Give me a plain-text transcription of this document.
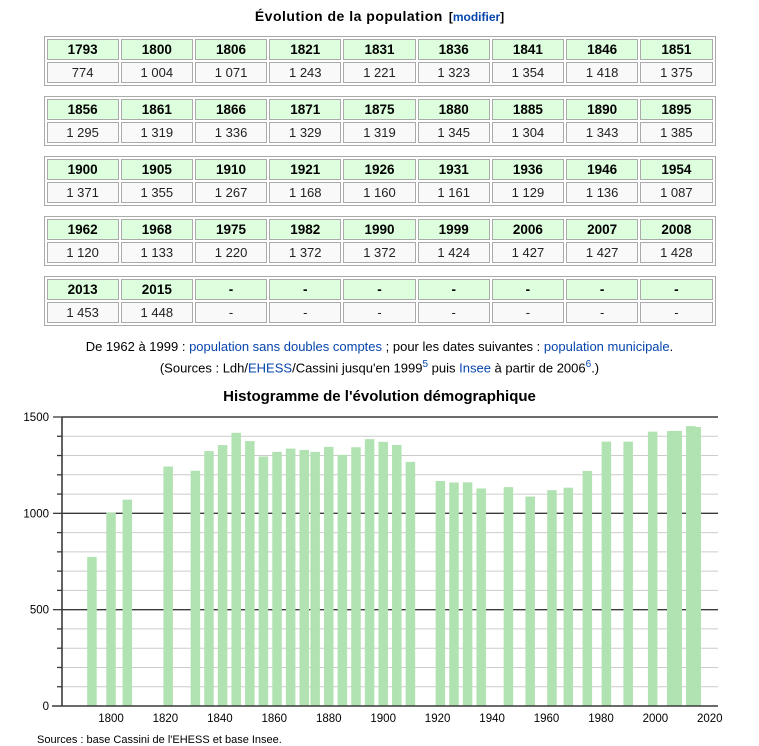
Évolution de la population [modifier]
1793	1800	1806	1821	1831	1836	1841	1846	1851
774	1 004	1 071	1 243	1 221	1 323	1 354	1 418	1 375
1856	1861	1866	1871	1875	1880	1885	1890	1895
1 295	1 319	1 336	1 329	1 319	1 345	1 304	1 343	1 385
1900	1905	1910	1921	1926	1931	1936	1946	1954
1 371	1 355	1 267	1 168	1 160	1 161	1 129	1 136	1 087
1962	1968	1975	1982	1990	1999	2006	2007	2008
1 120	1 133	1 220	1 372	1 372	1 424	1 427	1 427	1 428
2013	2015	-	-	-	-	-	-	-
1 453	1 448	-	-	-	-	-	-	-
De 1962 à 1999 : population sans doubles comptes ; pour les dates suivantes : population municipale.
(Sources : Ldh/EHESS/Cassini jusqu'en 1999$^5$ puis Insee à partir de 2006$^6$.)
Histogramme de l'évolution démographique
0
500
1000
1500
1800	1820	1840	1860	1880	1900	1920	1940	1960	1980	2000	2020
Sources : base Cassini de l'EHESS et base Insee.
